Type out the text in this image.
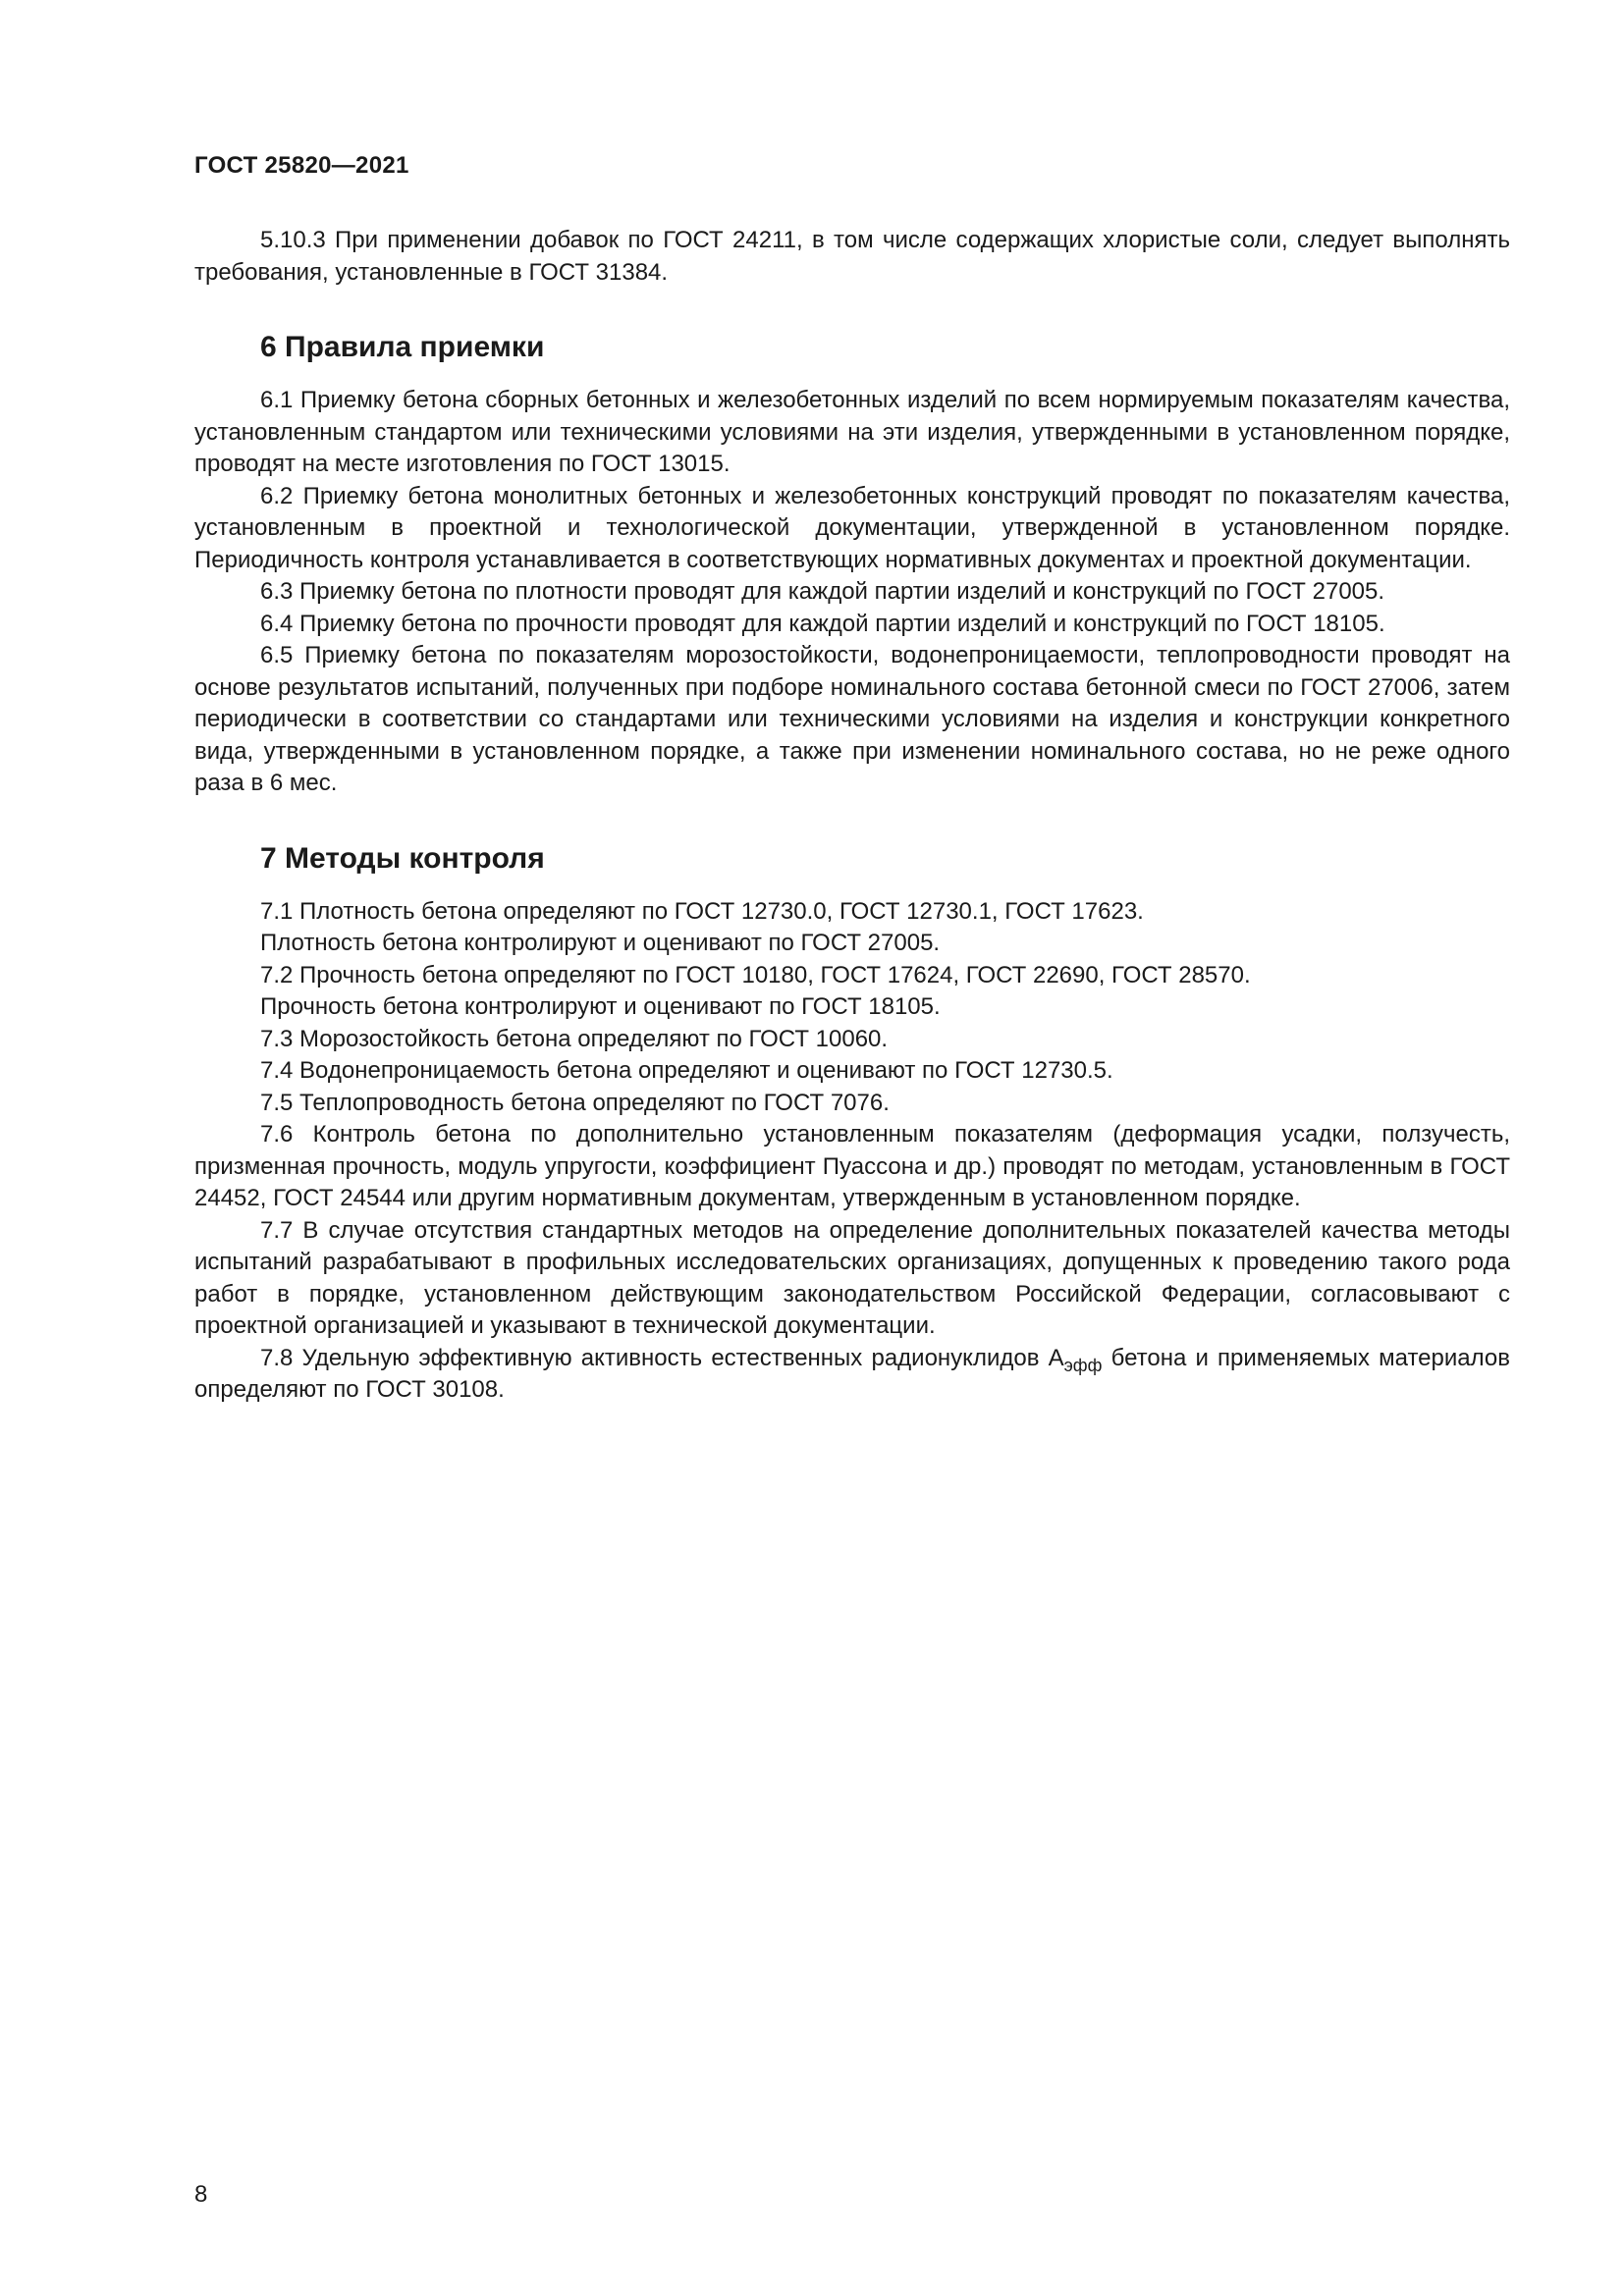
ГОСТ 25820—2021

5.10.3 При применении добавок по ГОСТ 24211, в том числе содержащих хлористые соли, следует выполнять требования, установленные в ГОСТ 31384.

6 Правила приемки

6.1 Приемку бетона сборных бетонных и железобетонных изделий по всем нормируемым показателям качества, установленным стандартом или техническими условиями на эти изделия, утвержденными в установленном порядке, проводят на месте изготовления по ГОСТ 13015.

6.2 Приемку бетона монолитных бетонных и железобетонных конструкций проводят по показателям качества, установленным в проектной и технологической документации, утвержденной в установленном порядке. Периодичность контроля устанавливается в соответствующих нормативных документах и проектной документации.

6.3 Приемку бетона по плотности проводят для каждой партии изделий и конструкций по ГОСТ 27005.

6.4 Приемку бетона по прочности проводят для каждой партии изделий и конструкций по ГОСТ 18105.

6.5 Приемку бетона по показателям морозостойкости, водонепроницаемости, теплопроводности проводят на основе результатов испытаний, полученных при подборе номинального состава бетонной смеси по ГОСТ 27006, затем периодически в соответствии со стандартами или техническими условиями на изделия и конструкции конкретного вида, утвержденными в установленном порядке, а также при изменении номинального состава, но не реже одного раза в 6 мес.

7 Методы контроля

7.1 Плотность бетона определяют по ГОСТ 12730.0, ГОСТ 12730.1, ГОСТ 17623.

Плотность бетона контролируют и оценивают по ГОСТ 27005.

7.2 Прочность бетона определяют по ГОСТ 10180, ГОСТ 17624, ГОСТ 22690, ГОСТ 28570.

Прочность бетона контролируют и оценивают по ГОСТ 18105.

7.3 Морозостойкость бетона определяют по ГОСТ 10060.

7.4 Водонепроницаемость бетона определяют и оценивают по ГОСТ 12730.5.

7.5 Теплопроводность бетона определяют по ГОСТ 7076.

7.6 Контроль бетона по дополнительно установленным показателям (деформация усадки, ползучесть, призменная прочность, модуль упругости, коэффициент Пуассона и др.) проводят по методам, установленным в ГОСТ 24452, ГОСТ 24544 или другим нормативным документам, утвержденным в установленном порядке.

7.7 В случае отсутствия стандартных методов на определение дополнительных показателей качества методы испытаний разрабатывают в профильных исследовательских организациях, допущенных к проведению такого рода работ в порядке, установленном действующим законодательством Российской Федерации, согласовывают с проектной организацией и указывают в технической документации.

7.8 Удельную эффективную активность естественных радионуклидов $А_{эфф}$ бетона и применяемых материалов определяют по ГОСТ 30108.

8
